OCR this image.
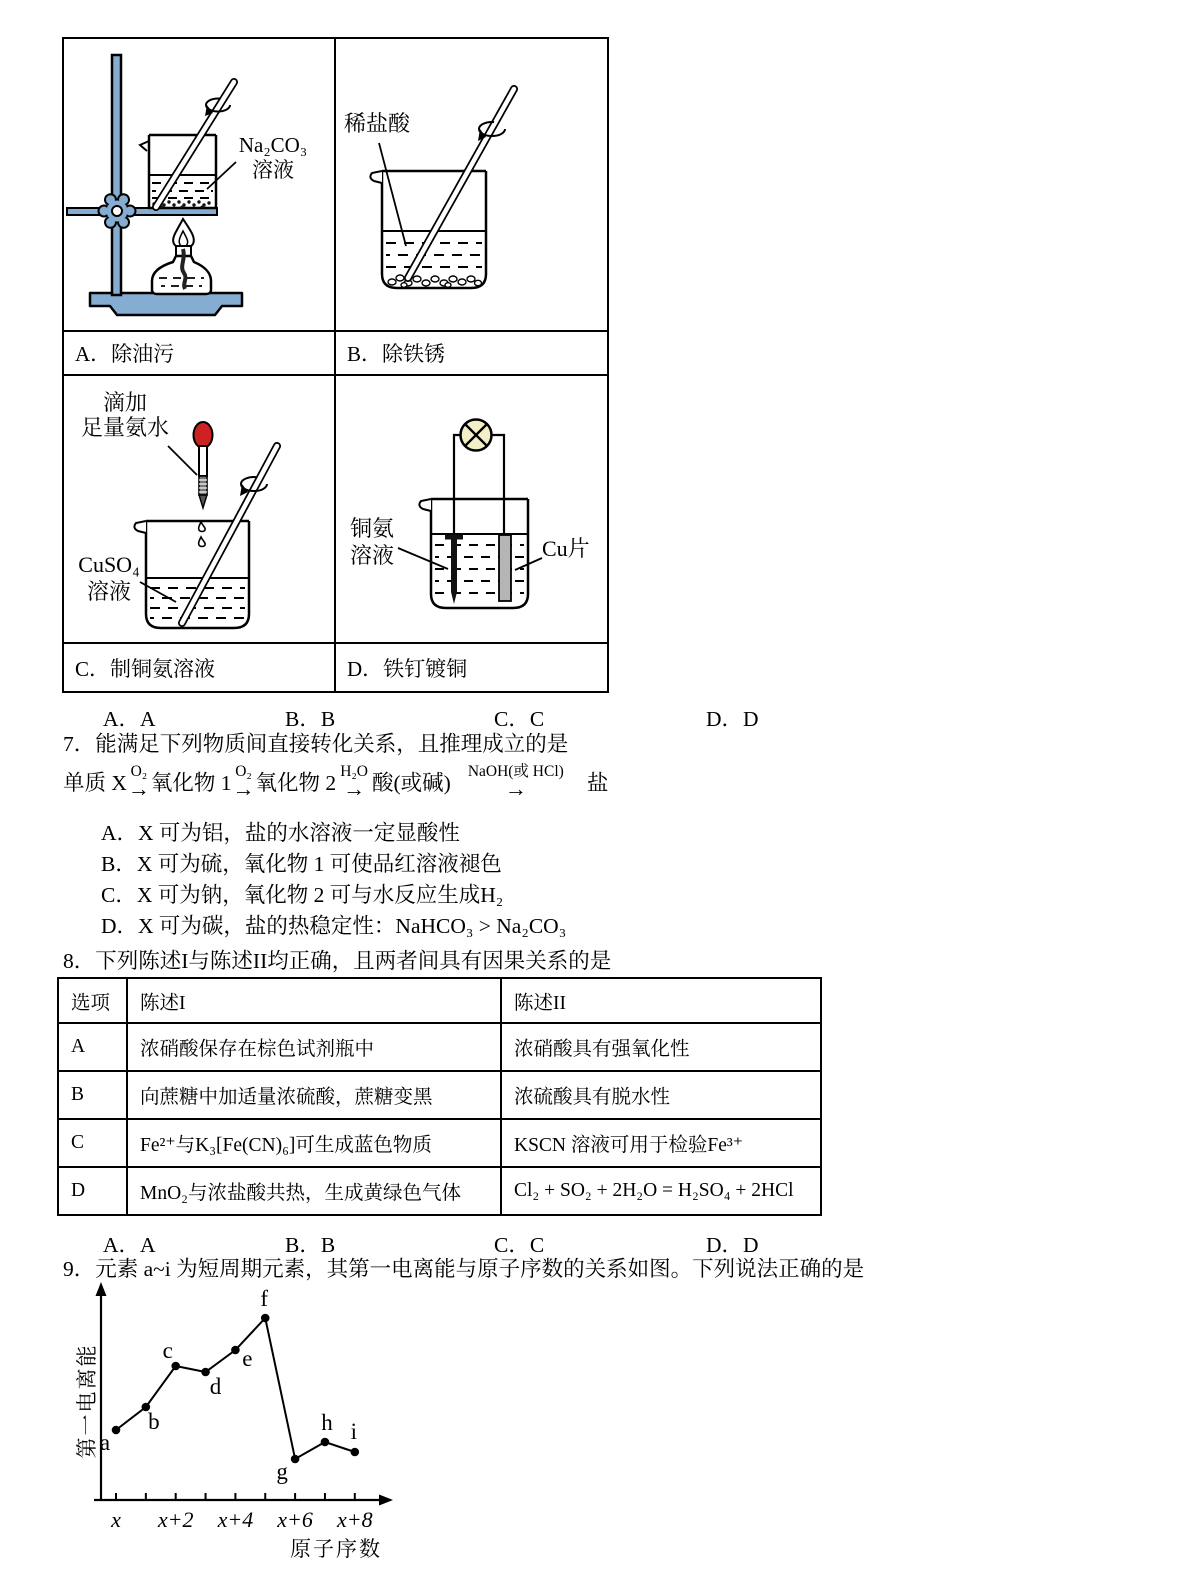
Na₂CO₃
溶液
稀盐酸
A．除油污	B．除铁锈
滴加
足量氨水
CuSO₄
溶液
铜氨
溶液	Cu片
C．制铜氨溶液	D．铁钉镀铜
A．A	B．B	C．C	D．D
7．能满足下列物质间直接转化关系，且推理成立的是
单质 X O₂
→ 氧化物 1 O₂
→ 氧化物 2 H₂O
→ 酸(或碱) NaOH(或 HCl)
→	盐
A．X 可为铝，盐的水溶液一定显酸性
B．X 可为硫，氧化物 1 可使品红溶液褪色
C．X 可为钠，氧化物 2 可与水反应生成H₂
D．X 可为碳，盐的热稳定性：NaHCO₃ > Na₂CO₃
8．下列陈述I与陈述II均正确，且两者间具有因果关系的是
选项	陈述I	陈述II
A	浓硝酸保存在棕色试剂瓶中	浓硝酸具有强氧化性
B	向蔗糖中加适量浓硫酸，蔗糖变黑	浓硫酸具有脱水性
C	Fe²⁺与K₃[Fe(CN)₆]可生成蓝色物质	KSCN 溶液可用于检验Fe³⁺
D	MnO₂与浓盐酸共热，生成黄绿色气体	Cl₂ + SO₂ + 2H₂O = H₂SO₄ + 2HCl
A．A	B．B	C．C	D．D
9．元素 a~i 为短周期元素，其第一电离能与原子序数的关系如图。下列说法正确的是
x x+2 x+4 x+6 x+8
a
b
c
d
e
f
g
h i
第一电离能
原子序数
